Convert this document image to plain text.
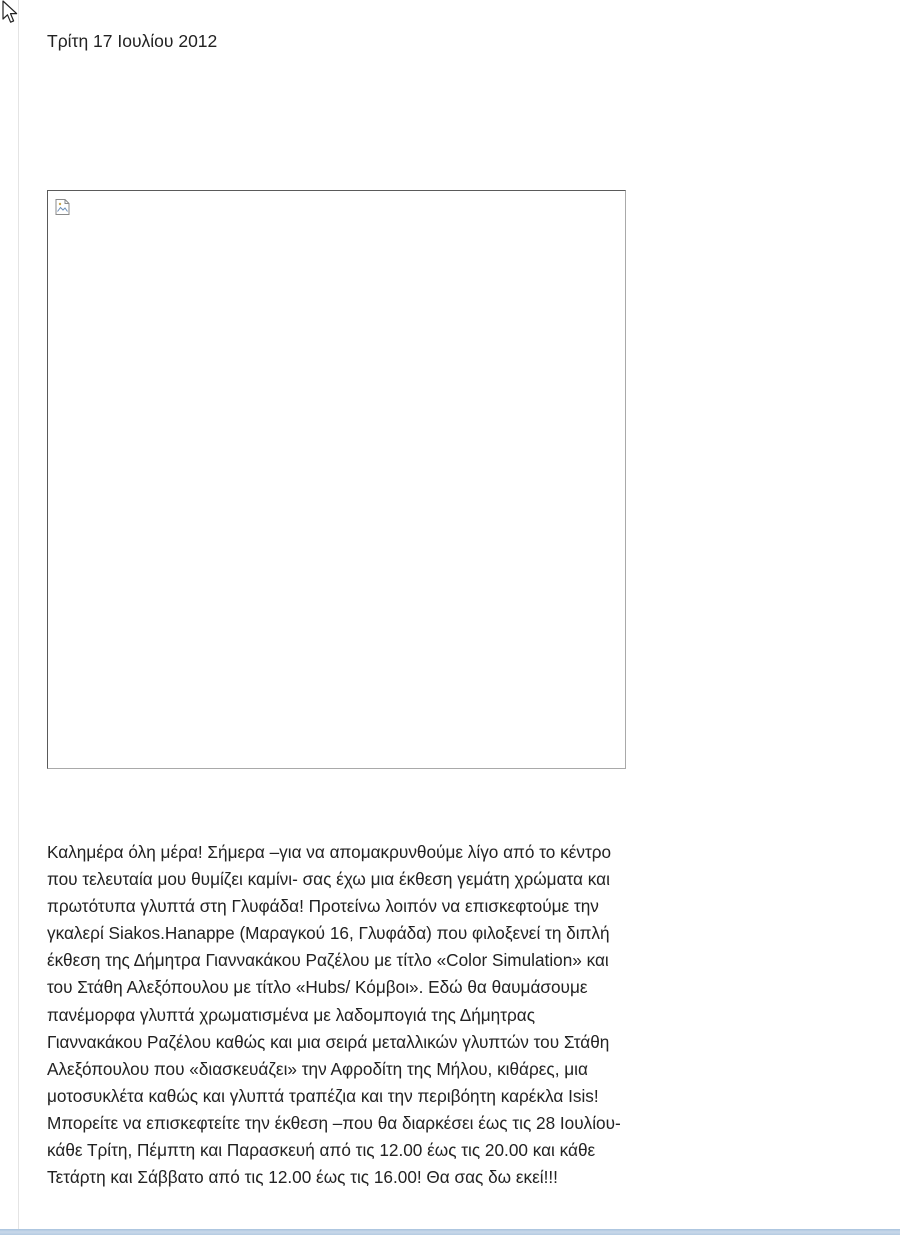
Τρίτη 17 Ιουλίου 2012

Καλημέρα όλη μέρα! Σήμερα –για να απομακρυνθούμε λίγο από το κέντρο που τελευταία μου θυμίζει καμίνι- σας έχω μια έκθεση γεμάτη χρώματα και πρωτότυπα γλυπτά στη Γλυφάδα! Προτείνω λοιπόν να επισκεφτούμε την γκαλερί Siakos.Hanappe (Μαραγκού 16, Γλυφάδα) που φιλοξενεί τη διπλή έκθεση της Δήμητρα Γιαννακάκου Ραζέλου με τίτλο «Color Simulation» και του Στάθη Αλεξόπουλου με τίτλο «Hubs/ Κόμβοι». Εδώ θα θαυμάσουμε πανέμορφα γλυπτά χρωματισμένα με λαδομπογιά της Δήμητρας Γιαννακάκου Ραζέλου καθώς και μια σειρά μεταλλικών γλυπτών του Στάθη Αλεξόπουλου που «διασκευάζει» την Αφροδίτη της Μήλου, κιθάρες, μια μοτοσυκλέτα καθώς και γλυπτά τραπέζια και την περιβόητη καρέκλα Isis! Μπορείτε να επισκεφτείτε την έκθεση –που θα διαρκέσει έως τις 28 Ιουλίου- κάθε Τρίτη, Πέμπτη και Παρασκευή από τις 12.00 έως τις 20.00 και κάθε Τετάρτη και Σάββατο από τις 12.00 έως τις 16.00! Θα σας δω εκεί!!!
